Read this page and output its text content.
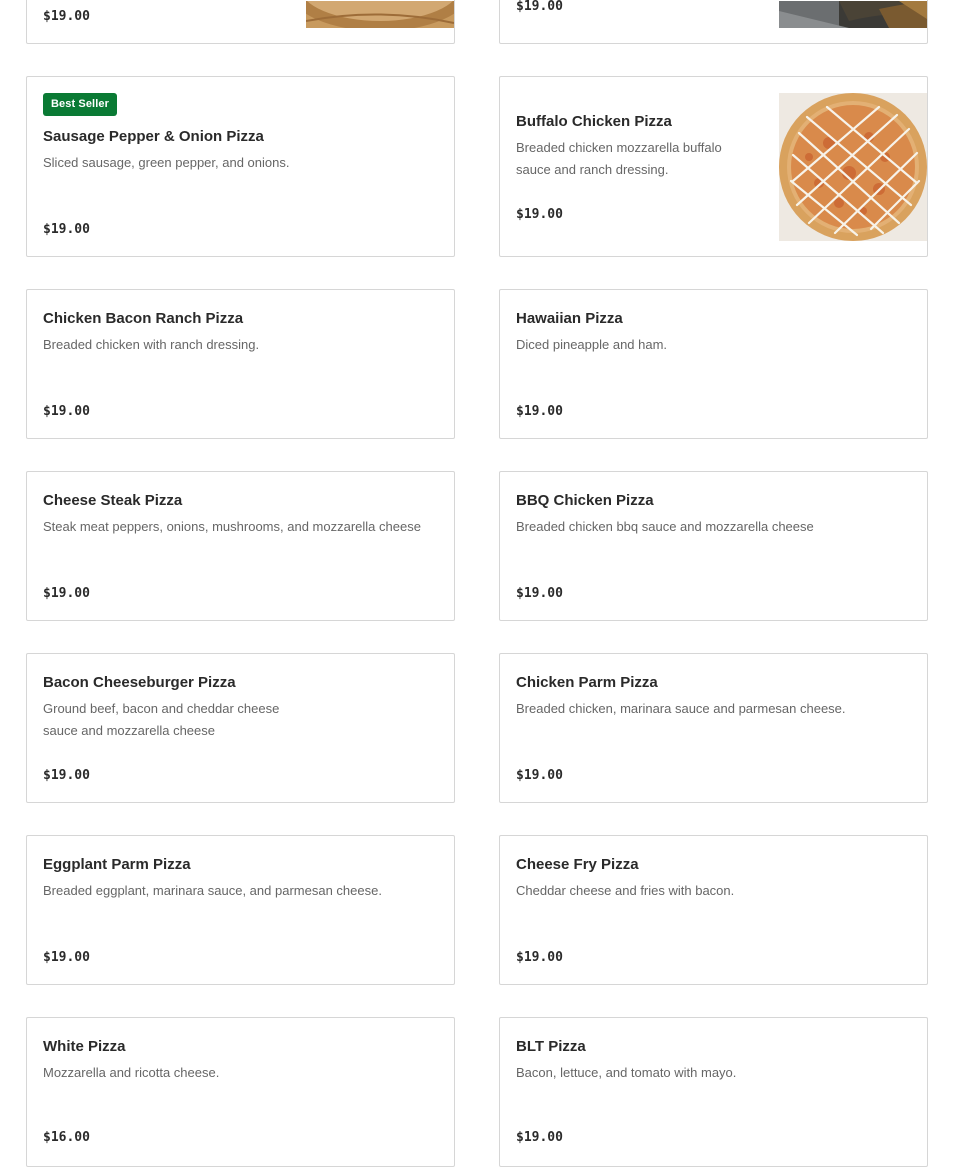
$19.00
$19.00
Best Seller
Sausage Pepper & Onion Pizza
Sliced sausage, green pepper, and onions.
$19.00
Buffalo Chicken Pizza
Breaded chicken mozzarella buffalo sauce and ranch dressing.
$19.00
Chicken Bacon Ranch Pizza
Breaded chicken with ranch dressing.
$19.00
Hawaiian Pizza
Diced pineapple and ham.
$19.00
Cheese Steak Pizza
Steak meat peppers, onions, mushrooms, and mozzarella cheese
$19.00
BBQ Chicken Pizza
Breaded chicken bbq sauce and mozzarella cheese
$19.00
Bacon Cheeseburger Pizza
Ground beef, bacon and cheddar cheese sauce and mozzarella cheese
$19.00
Chicken Parm Pizza
Breaded chicken, marinara sauce and parmesan cheese.
$19.00
Eggplant Parm Pizza
Breaded eggplant, marinara sauce, and parmesan cheese.
$19.00
Cheese Fry Pizza
Cheddar cheese and fries with bacon.
$19.00
White Pizza
Mozzarella and ricotta cheese.
$16.00
BLT Pizza
Bacon, lettuce, and tomato with mayo.
$19.00
